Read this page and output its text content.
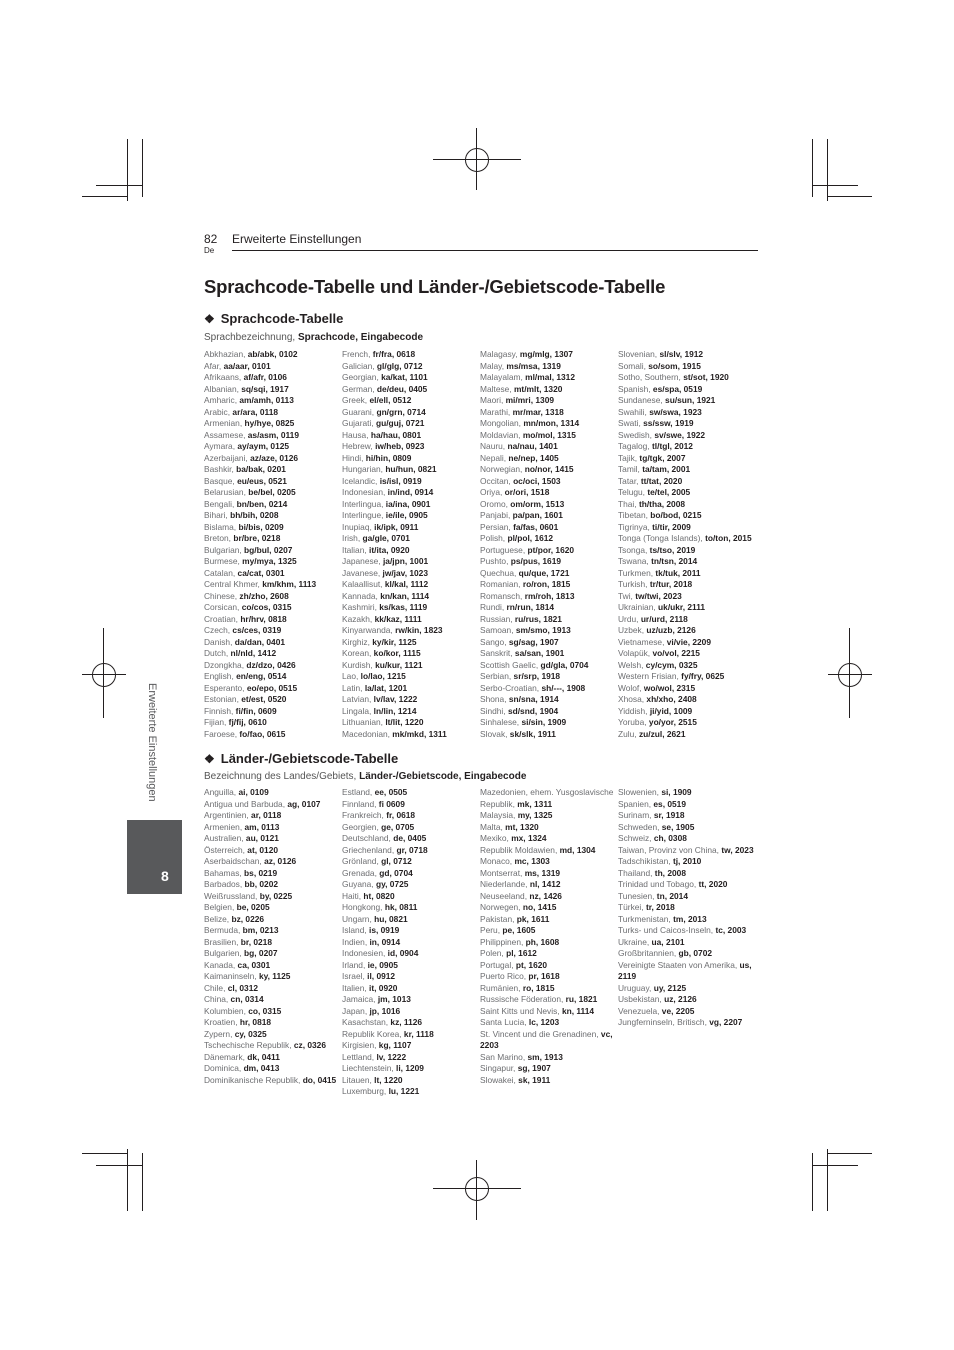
82
De
Erweiterte Einstellungen
Erweiterte Einstellungen
8
Sprachcode-Tabelle und Länder-/Gebietscode-Tabelle
❖ Sprachcode-Tabelle
Sprachbezeichnung, Sprachcode, Eingabecode
Abkhazian, ab/abk, 0102
Afar, aa/aar, 0101
Afrikaans, af/afr, 0106
Albanian, sq/sqi, 1917
Amharic, am/amh, 0113
Arabic, ar/ara, 0118
Armenian, hy/hye, 0825
Assamese, as/asm, 0119
Aymara, ay/aym, 0125
Azerbaijani, az/aze, 0126
Bashkir, ba/bak, 0201
Basque, eu/eus, 0521
Belarusian, be/bel, 0205
Bengali, bn/ben, 0214
Bihari, bh/bih, 0208
Bislama, bi/bis, 0209
Breton, br/bre, 0218
Bulgarian, bg/bul, 0207
Burmese, my/mya, 1325
Catalan, ca/cat, 0301
Central Khmer, km/khm, 1113
Chinese, zh/zho, 2608
Corsican, co/cos, 0315
Croatian, hr/hrv, 0818
Czech, cs/ces, 0319
Danish, da/dan, 0401
Dutch, nl/nld, 1412
Dzongkha, dz/dzo, 0426
English, en/eng, 0514
Esperanto, eo/epo, 0515
Estonian, et/est, 0520
Finnish, fi/fin, 0609
Fijian, fj/fij, 0610
Faroese, fo/fao, 0615
French, fr/fra, 0618
Galician, gl/glg, 0712
Georgian, ka/kat, 1101
German, de/deu, 0405
Greek, el/ell, 0512
Guarani, gn/grn, 0714
Gujarati, gu/guj, 0721
Hausa, ha/hau, 0801
Hebrew, iw/heb, 0923
Hindi, hi/hin, 0809
Hungarian, hu/hun, 0821
Icelandic, is/isl, 0919
Indonesian, in/ind, 0914
Interlingua, ia/ina, 0901
Interlingue, ie/ile, 0905
Inupiaq, ik/ipk, 0911
Irish, ga/gle, 0701
Italian, it/ita, 0920
Japanese, ja/jpn, 1001
Javanese, jw/jav, 1023
Kalaallisut, kl/kal, 1112
Kannada, kn/kan, 1114
Kashmiri, ks/kas, 1119
Kazakh, kk/kaz, 1111
Kinyarwanda, rw/kin, 1823
Kirghiz, ky/kir, 1125
Korean, ko/kor, 1115
Kurdish, ku/kur, 1121
Lao, lo/lao, 1215
Latin, la/lat, 1201
Latvian, lv/lav, 1222
Lingala, ln/lin, 1214
Lithuanian, lt/lit, 1220
Macedonian, mk/mkd, 1311
Malagasy, mg/mlg, 1307
Malay, ms/msa, 1319
Malayalam, ml/mal, 1312
Maltese, mt/mlt, 1320
Maori, mi/mri, 1309
Marathi, mr/mar, 1318
Mongolian, mn/mon, 1314
Moldavian, mo/mol, 1315
Nauru, na/nau, 1401
Nepali, ne/nep, 1405
Norwegian, no/nor, 1415
Occitan, oc/oci, 1503
Oriya, or/ori, 1518
Oromo, om/orm, 1513
Panjabi, pa/pan, 1601
Persian, fa/fas, 0601
Polish, pl/pol, 1612
Portuguese, pt/por, 1620
Pushto, ps/pus, 1619
Quechua, qu/que, 1721
Romanian, ro/ron, 1815
Romansch, rm/roh, 1813
Rundi, rn/run, 1814
Russian, ru/rus, 1821
Samoan, sm/smo, 1913
Sango, sg/sag, 1907
Sanskrit, sa/san, 1901
Scottish Gaelic, gd/gla, 0704
Serbian, sr/srp, 1918
Serbo-Croatian, sh/---, 1908
Shona, sn/sna, 1914
Sindhi, sd/snd, 1904
Sinhalese, si/sin, 1909
Slovak, sk/slk, 1911
Slovenian, sl/slv, 1912
Somali, so/som, 1915
Sotho, Southern, st/sot, 1920
Spanish, es/spa, 0519
Sundanese, su/sun, 1921
Swahili, sw/swa, 1923
Swati, ss/ssw, 1919
Swedish, sv/swe, 1922
Tagalog, tl/tgl, 2012
Tajik, tg/tgk, 2007
Tamil, ta/tam, 2001
Tatar, tt/tat, 2020
Telugu, te/tel, 2005
Thai, th/tha, 2008
Tibetan, bo/bod, 0215
Tigrinya, ti/tir, 2009
Tonga (Tonga Islands), to/ton, 2015
Tsonga, ts/tso, 2019
Tswana, tn/tsn, 2014
Turkmen, tk/tuk, 2011
Turkish, tr/tur, 2018
Twi, tw/twi, 2023
Ukrainian, uk/ukr, 2111
Urdu, ur/urd, 2118
Uzbek, uz/uzb, 2126
Vietnamese, vi/vie, 2209
Volapük, vo/vol, 2215
Welsh, cy/cym, 0325
Western Frisian, fy/fry, 0625
Wolof, wo/wol, 2315
Xhosa, xh/xho, 2408
Yiddish, ji/yid, 1009
Yoruba, yo/yor, 2515
Zulu, zu/zul, 2621
❖ Länder-/Gebietscode-Tabelle
Bezeichnung des Landes/Gebiets, Länder-/Gebietscode, Eingabecode
Anguilla, ai, 0109
Antigua und Barbuda, ag, 0107
Argentinien, ar, 0118
Armenien, am, 0113
Australien, au, 0121
Österreich, at, 0120
Aserbaidschan, az, 0126
Bahamas, bs, 0219
Barbados, bb, 0202
Weißrussland, by, 0225
Belgien, be, 0205
Belize, bz, 0226
Bermuda, bm, 0213
Brasilien, br, 0218
Bulgarien, bg, 0207
Kanada, ca, 0301
Kaimaninseln, ky, 1125
Chile, cl, 0312
China, cn, 0314
Kolumbien, co, 0315
Kroatien, hr, 0818
Zypern, cy, 0325
Tschechische Republik, cz, 0326
Dänemark, dk, 0411
Dominica, dm, 0413
Dominikanische Republik, do, 0415
Estland, ee, 0505
Finnland, fi 0609
Frankreich, fr, 0618
Georgien, ge, 0705
Deutschland, de, 0405
Griechenland, gr, 0718
Grönland, gl, 0712
Grenada, gd, 0704
Guyana, gy, 0725
Haiti, ht, 0820
Hongkong, hk, 0811
Ungarn, hu, 0821
Island, is, 0919
Indien, in, 0914
Indonesien, id, 0904
Irland, ie, 0905
Israel, il, 0912
Italien, it, 0920
Jamaica, jm, 1013
Japan, jp, 1016
Kasachstan, kz, 1126
Republik Korea, kr, 1118
Kirgisien, kg, 1107
Lettland, lv, 1222
Liechtenstein, li, 1209
Litauen, lt, 1220
Luxemburg, lu, 1221
Mazedonien, ehem. Yusgoslavische Republik, mk, 1311
Malaysia, my, 1325
Malta, mt, 1320
Mexiko, mx, 1324
Republik Moldawien, md, 1304
Monaco, mc, 1303
Montserrat, ms, 1319
Niederlande, nl, 1412
Neuseeland, nz, 1426
Norwegen, no, 1415
Pakistan, pk, 1611
Peru, pe, 1605
Philippinen, ph, 1608
Polen, pl, 1612
Portugal, pt, 1620
Puerto Rico, pr, 1618
Rumänien, ro, 1815
Russische Föderation, ru, 1821
Saint Kitts und Nevis, kn, 1114
Santa Lucia, lc, 1203
St. Vincent und die Grenadinen, vc, 2203
San Marino, sm, 1913
Singapur, sg, 1907
Slowakei, sk, 1911
Slowenien, si, 1909
Spanien, es, 0519
Surinam, sr, 1918
Schweden, se, 1905
Schweiz, ch, 0308
Taiwan, Provinz von China, tw, 2023
Tadschikistan, tj, 2010
Thailand, th, 2008
Trinidad und Tobago, tt, 2020
Tunesien, tn, 2014
Türkei, tr, 2018
Turkmenistan, tm, 2013
Turks- und Caicos-Inseln, tc, 2003
Ukraine, ua, 2101
Großbritannien, gb, 0702
Vereinigte Staaten von Amerika, us, 2119
Uruguay, uy, 2125
Usbekistan, uz, 2126
Venezuela, ve, 2205
Jungferninseln, Britisch, vg, 2207
